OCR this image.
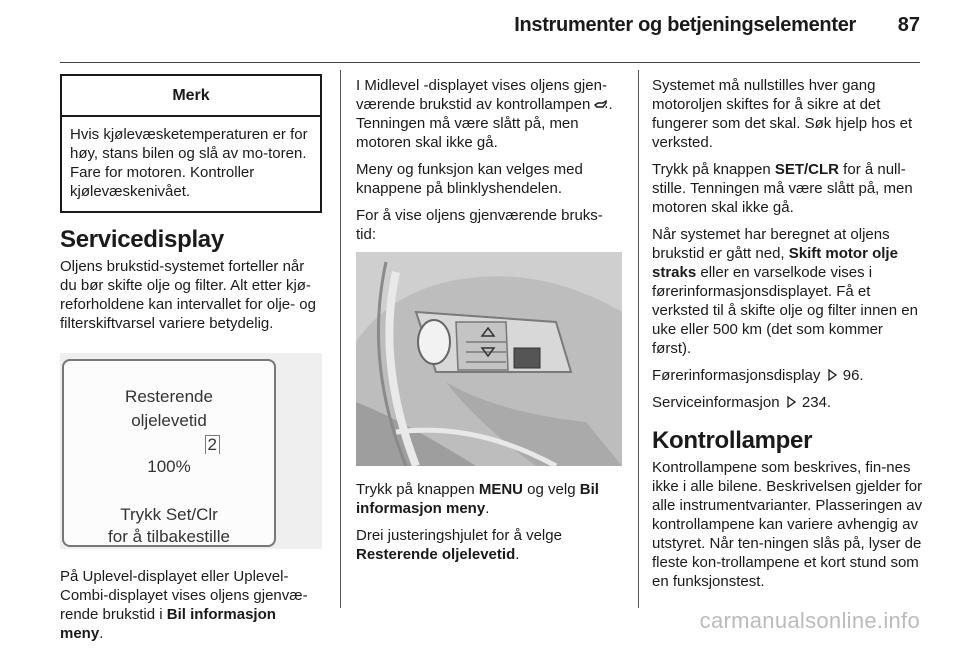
Instrumenter og betjeningselementer 87
Merk
Hvis kjølevæsketemperaturen er for høy, stans bilen og slå av mo-toren. Fare for motoren. Kontroller kjølevæskenivået.
Servicedisplay

Oljens brukstid-systemet forteller når du bør skifte olje og filter. Alt etter kjø-reforholdene kan intervallet for olje- og filterskiftvarsel variere betydelig.

Resterende
oljelevetid
100%
Trykk Set/Clr
for å tilbakestille
2

På Uplevel-displayet eller Uplevel-Combi-displayet vises oljens gjenvæ-rende brukstid i Bil informasjon meny.

I Midlevel -displayet vises oljens gjen-værende brukstid av kontrollampen . Tenningen må være slått på, men motoren skal ikke gå.

Meny og funksjon kan velges med knappene på blinklyshendelen.

For å vise oljens gjenværende bruks-tid:

Trykk på knappen MENU og velg Bil informasjon meny.

Drei justeringshjulet for å velge Resterende oljelevetid.

Systemet må nullstilles hver gang motoroljen skiftes for å sikre at det fungerer som det skal. Søk hjelp hos et verksted.

Trykk på knappen SET/CLR for å null-stille. Tenningen må være slått på, men motoren skal ikke gå.

Når systemet har beregnet at oljens brukstid er gått ned, Skift motor olje straks eller en varselkode vises i førerinformasjonsdisplayet. Få et verksted til å skifte olje og filter innen en uke eller 500 km (det som kommer først).

Førerinformasjonsdisplay  96.

Serviceinformasjon  234.

Kontrollamper

Kontrollampene som beskrives, fin-nes ikke i alle bilene. Beskrivelsen gjelder for alle instrumentvarianter. Plasseringen av kontrollampene kan variere avhengig av utstyret. Når ten-ningen slås på, lyser de fleste kon-trollampene et kort stund som en funksjonstest.

carmanualsonline.info
